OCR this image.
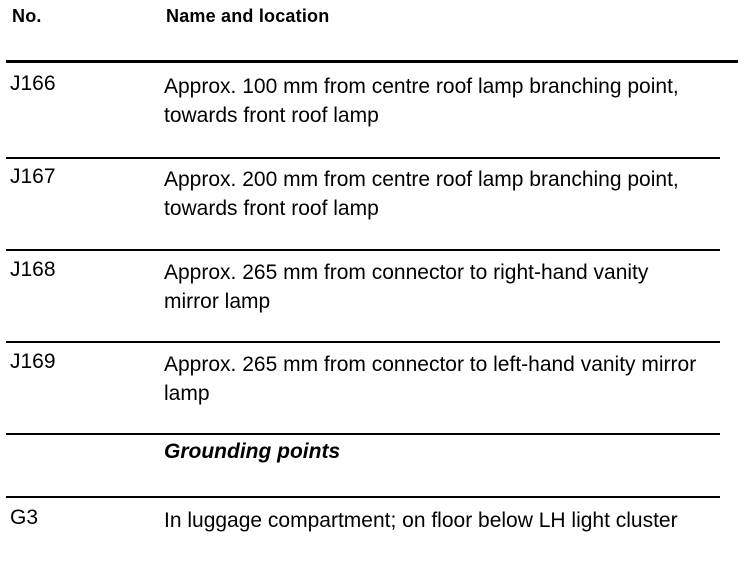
No.	Name and location
J166	Approx. 100 mm from centre roof lamp branching point, towards front roof lamp
J167	Approx. 200 mm from centre roof lamp branching point, towards front roof lamp
J168	Approx. 265 mm from connector to right-hand vanity mirror lamp
J169	Approx. 265 mm from connector to left-hand vanity mirror lamp
Grounding points
G3	In luggage compartment; on floor below LH light cluster
